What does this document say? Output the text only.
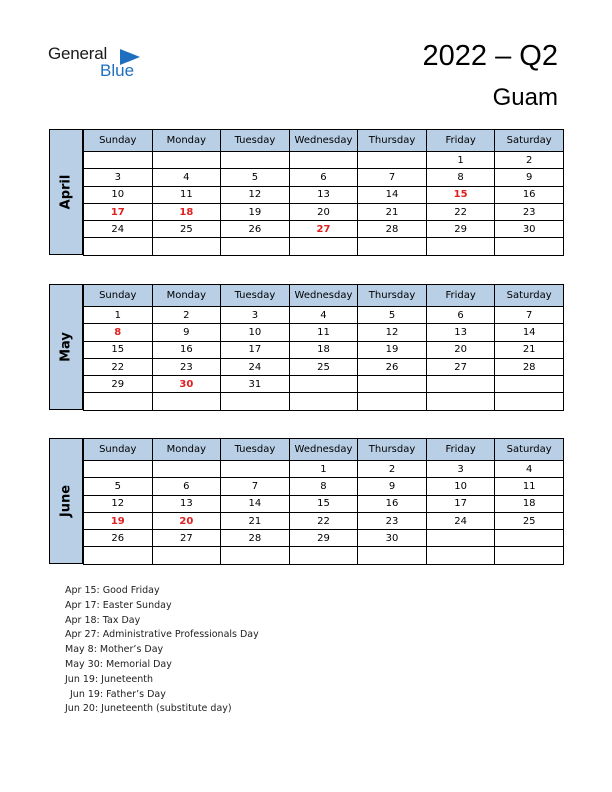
General
Blue	2022 – Q2
Guam
April
Sunday	Monday	Tuesday	Wednesday	Thursday	Friday	Saturday
					1	2
3	4	5	6	7	8	9
10	11	12	13	14	15	16
17	18	19	20	21	22	23
24	25	26	27	28	29	30

May
Sunday	Monday	Tuesday	Wednesday	Thursday	Friday	Saturday
1	2	3	4	5	6	7
8	9	10	11	12	13	14
15	16	17	18	19	20	21
22	23	24	25	26	27	28
29	30	31				

June
Sunday	Monday	Tuesday	Wednesday	Thursday	Friday	Saturday
			1	2	3	4
5	6	7	8	9	10	11
12	13	14	15	16	17	18
19	20	21	22	23	24	25
26	27	28	29	30		

Apr 15: Good Friday
Apr 17: Easter Sunday
Apr 18: Tax Day
Apr 27: Administrative Professionals Day
May 8: Mother’s Day
May 30: Memorial Day
Jun 19: Juneteenth
Jun 19: Father’s Day
Jun 20: Juneteenth (substitute day)
